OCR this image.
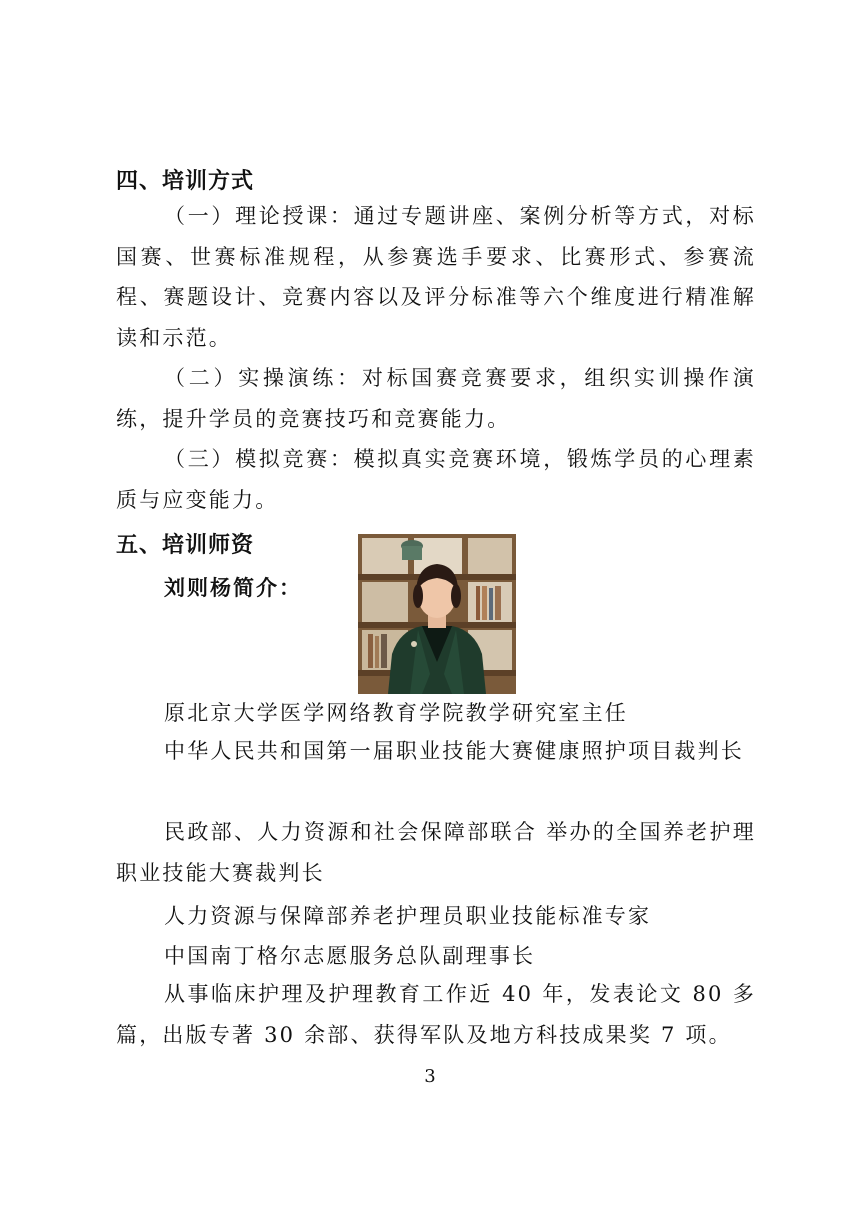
四、培训方式

（一）理论授课：通过专题讲座、案例分析等方式，对标国赛、世赛标准规程，从参赛选手要求、比赛形式、参赛流程、赛题设计、竞赛内容以及评分标准等六个维度进行精准解读和示范。

（二）实操演练：对标国赛竞赛要求，组织实训操作演练，提升学员的竞赛技巧和竞赛能力。

（三）模拟竞赛：模拟真实竞赛环境，锻炼学员的心理素质与应变能力。

五、培训师资
刘则杨简介：
原北京大学医学网络教育学院教学研究室主任

中华人民共和国第一届职业技能大赛健康照护项目裁判长

民政部、人力资源和社会保障部联合 举办的全国养老护理职业技能大赛裁判长

人力资源与保障部养老护理员职业技能标准专家
中国南丁格尔志愿服务总队副理事长

从事临床护理及护理教育工作近 40 年，发表论文 80 多篇，出版专著 30 余部、获得军队及地方科技成果奖 7 项。

3
